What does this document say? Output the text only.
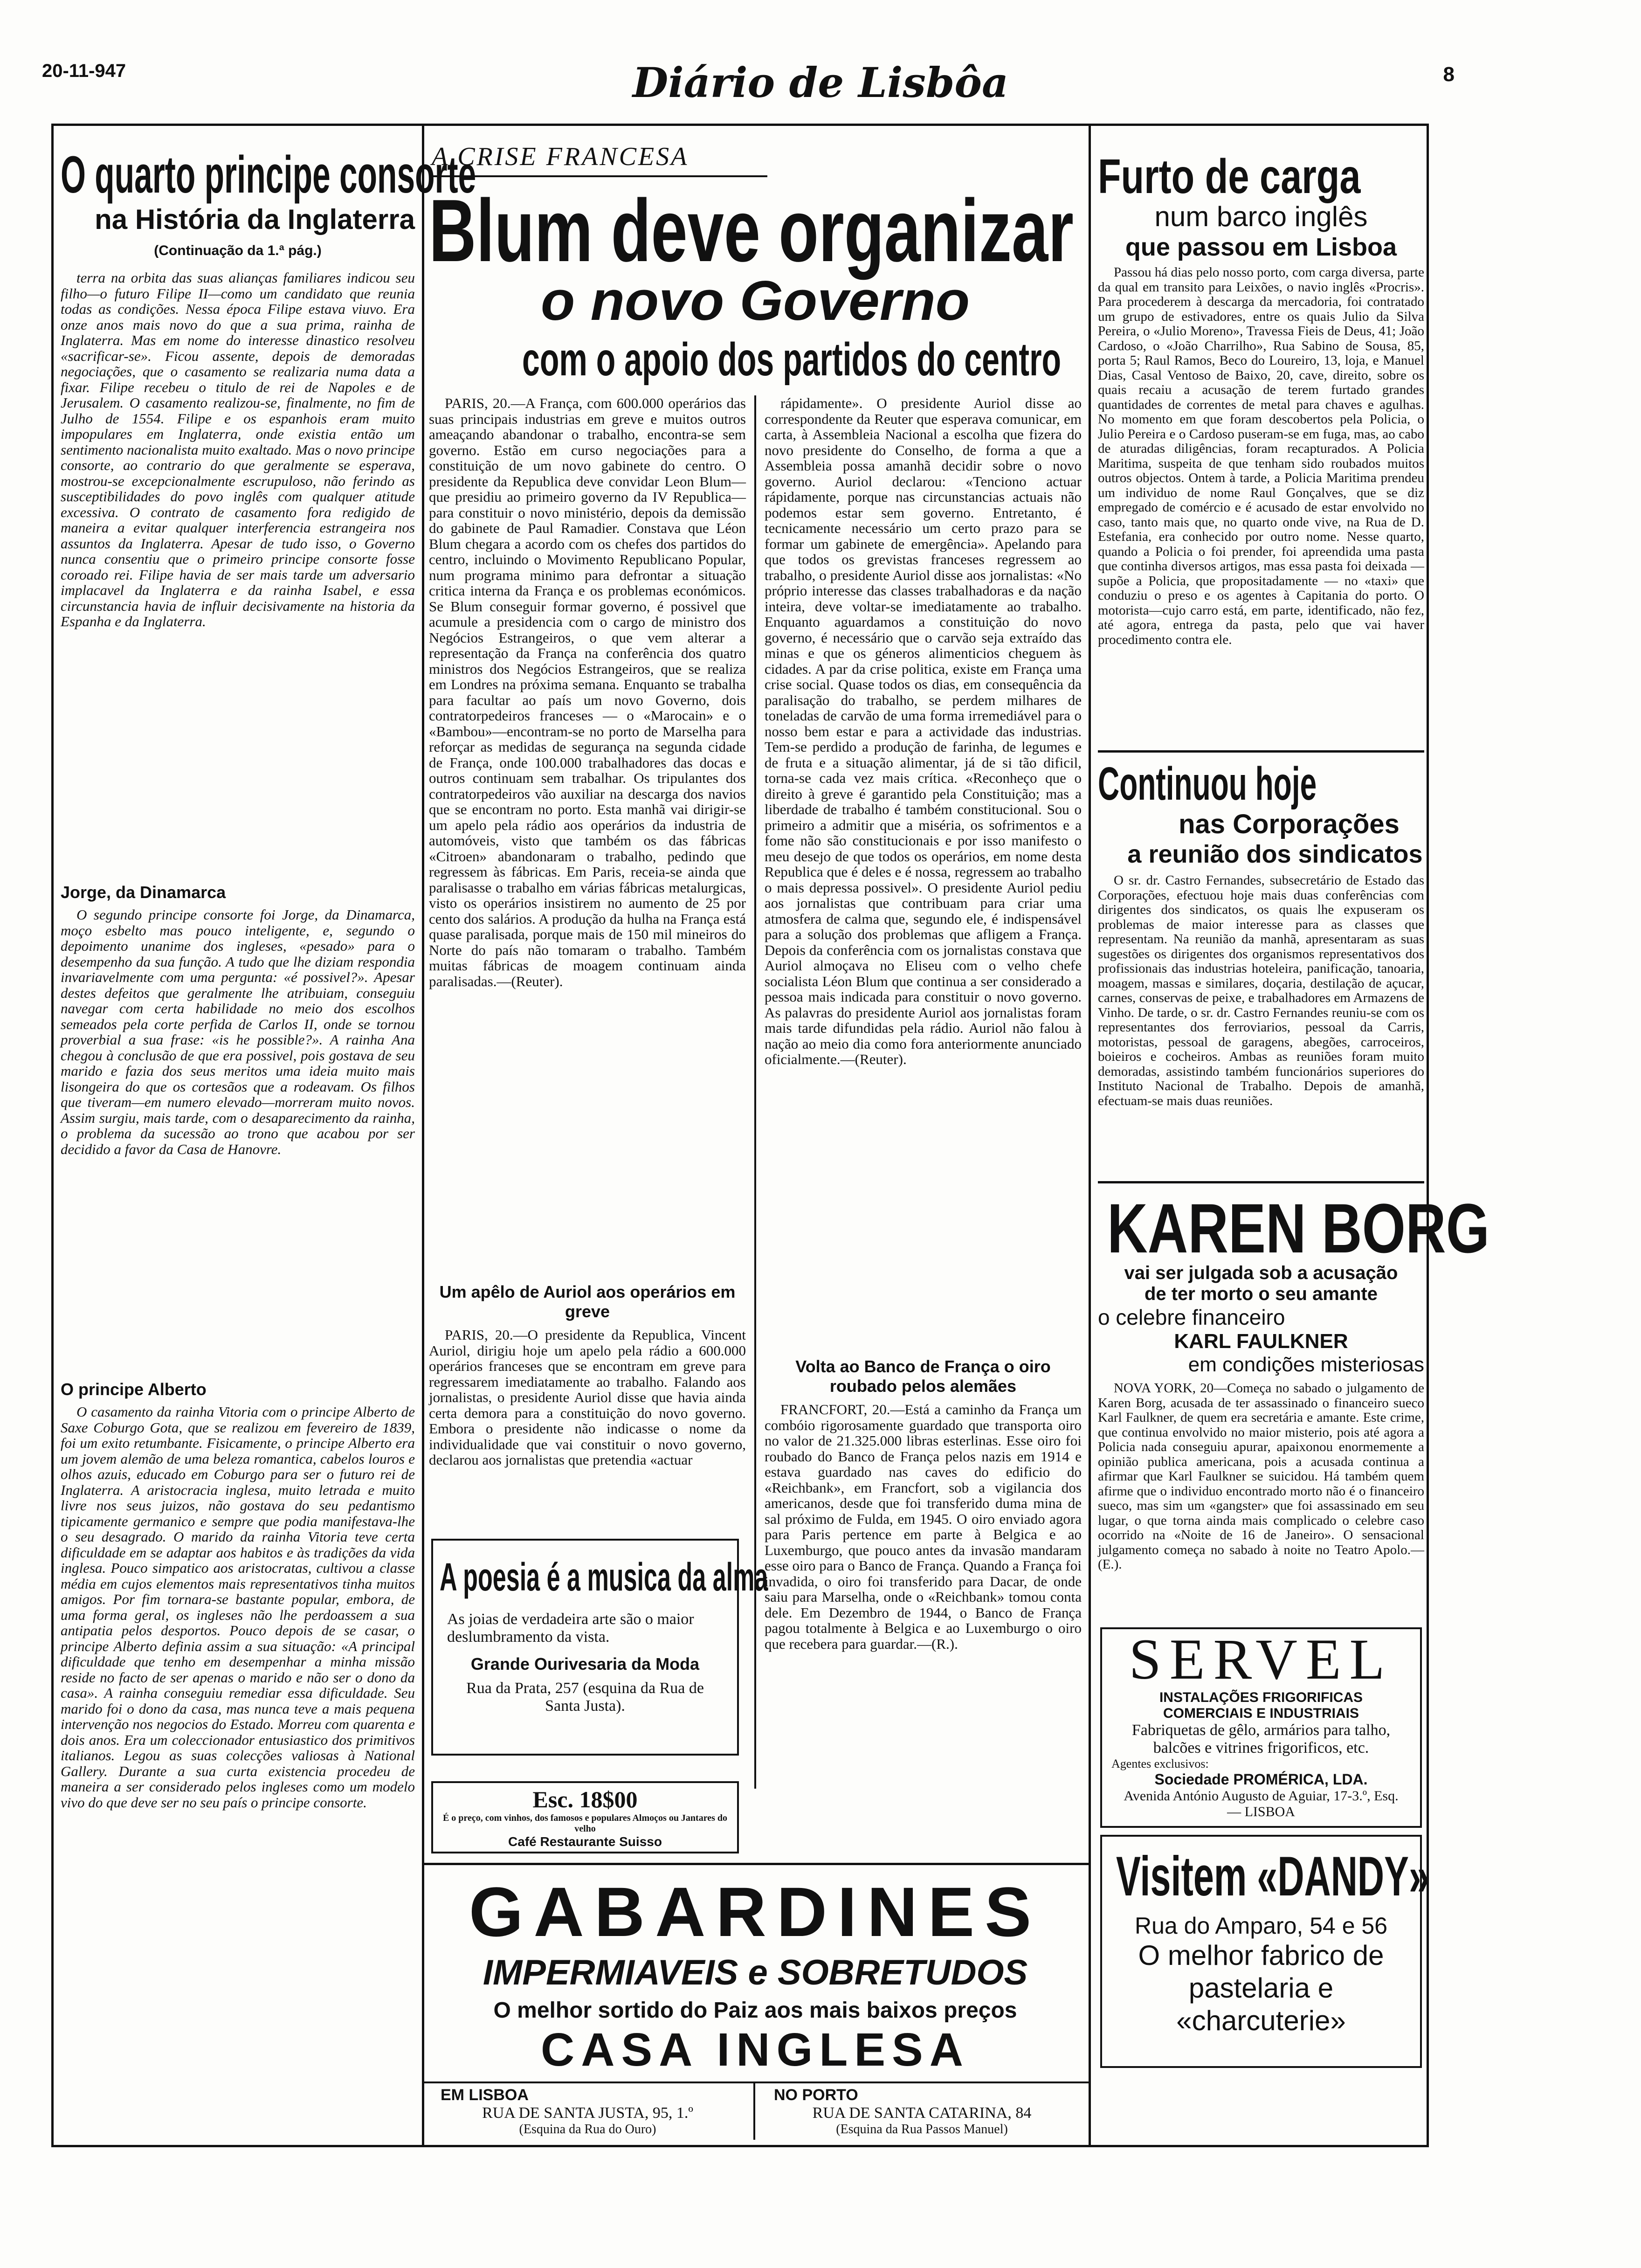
20-11-947	Diário de Lisbôa	8
O quarto principe consorte
na História da Inglaterra
(Continuação da 1.ª pág.)

terra na orbita das suas alianças familiares indicou seu filho—o futuro Filipe II—como um candidato que reunia todas as condições. Nessa época Filipe estava viuvo. Era onze anos mais novo do que a sua prima, rainha de Inglaterra. Mas em nome do interesse dinastico resolveu «sacrificar-se». Ficou assente, depois de demoradas negociações, que o casamento se realizaria numa data a fixar. Filipe recebeu o titulo de rei de Napoles e de Jerusalem. O casamento realizou-se, finalmente, no fim de Julho de 1554. Filipe e os espanhois eram muito impopulares em Inglaterra, onde existia então um sentimento nacionalista muito exaltado. Mas o novo principe consorte, ao contrario do que geralmente se esperava, mostrou-se excepcionalmente escrupuloso, não ferindo as susceptibilidades do povo inglês com qualquer atitude excessiva. O contrato de casamento fora redigido de maneira a evitar qualquer interferencia estrangeira nos assuntos da Inglaterra. Apesar de tudo isso, o Governo nunca consentiu que o primeiro principe consorte fosse coroado rei. Filipe havia de ser mais tarde um adversario implacavel da Inglaterra e da rainha Isabel, e essa circunstancia havia de influir decisivamente na historia da Espanha e da Inglaterra.

Jorge, da Dinamarca

O segundo principe consorte foi Jorge, da Dinamarca, moço esbelto mas pouco inteligente, e, segundo o depoimento unanime dos ingleses, «pesado» para o desempenho da sua função. A tudo que lhe diziam respondia invariavelmente com uma pergunta: «é possivel?». Apesar destes defeitos que geralmente lhe atribuiam, conseguiu navegar com certa habilidade no meio dos escolhos semeados pela corte perfida de Carlos II, onde se tornou proverbial a sua frase: «is he possible?». A rainha Ana chegou à conclusão de que era possivel, pois gostava de seu marido e fazia dos seus meritos uma ideia muito mais lisongeira do que os cortesãos que a rodeavam. Os filhos que tiveram—em numero elevado—morreram muito novos. Assim surgiu, mais tarde, com o desaparecimento da rainha, o problema da sucessão ao trono que acabou por ser decidido a favor da Casa de Hanovre.

O principe Alberto

O casamento da rainha Vitoria com o principe Alberto de Saxe Coburgo Gota, que se realizou em fevereiro de 1839, foi um exito retumbante. Fisicamente, o principe Alberto era um jovem alemão de uma beleza romantica, cabelos louros e olhos azuis, educado em Coburgo para ser o futuro rei de Inglaterra. A aristocracia inglesa, muito letrada e muito livre nos seus juizos, não gostava do seu pedantismo tipicamente germanico e sempre que podia manifestava-lhe o seu desagrado. O marido da rainha Vitoria teve certa dificuldade em se adaptar aos habitos e às tradições da vida inglesa. Pouco simpatico aos aristocratas, cultivou a classe média em cujos elementos mais representativos tinha muitos amigos. Por fim tornara-se bastante popular, embora, de uma forma geral, os ingleses não lhe perdoassem a sua antipatia pelos desportos. Pouco depois de se casar, o principe Alberto definia assim a sua situação: «A principal dificuldade que tenho em desempenhar a minha missão reside no facto de ser apenas o marido e não ser o dono da casa». A rainha conseguiu remediar essa dificuldade. Seu marido foi o dono da casa, mas nunca teve a mais pequena intervenção nos negocios do Estado. Morreu com quarenta e dois anos. Era um coleccionador entusiastico dos primitivos italianos. Legou as suas colecções valiosas à National Gallery. Durante a sua curta existencia procedeu de maneira a ser considerado pelos ingleses como um modelo vivo do que deve ser no seu país o principe consorte.

A CRISE FRANCESA
Blum deve organizar
o novo Governo
com o apoio dos partidos do centro

PARIS, 20.—A França, com 600.000 operários das suas principais industrias em greve e muitos outros ameaçando abandonar o trabalho, encontra-se sem governo. Estão em curso negociações para a constituição de um novo gabinete do centro. O presidente da Republica deve convidar Leon Blum—que presidiu ao primeiro governo da IV Republica—para constituir o novo ministério, depois da demissão do gabinete de Paul Ramadier. Constava que Léon Blum chegara a acordo com os chefes dos partidos do centro, incluindo o Movimento Republicano Popular, num programa minimo para defrontar a situação critica interna da França e os problemas económicos. Se Blum conseguir formar governo, é possivel que acumule a presidencia com o cargo de ministro dos Negócios Estrangeiros, o que vem alterar a representação da França na conferência dos quatro ministros dos Negócios Estrangeiros, que se realiza em Londres na próxima semana. Enquanto se trabalha para facultar ao país um novo Governo, dois contratorpedeiros franceses — o «Marocain» e o «Bambou»—encontram-se no porto de Marselha para reforçar as medidas de segurança na segunda cidade de França, onde 100.000 trabalhadores das docas e outros continuam sem trabalhar. Os tripulantes dos contratorpedeiros vão auxiliar na descarga dos navios que se encontram no porto. Esta manhã vai dirigir-se um apelo pela rádio aos operários da industria de automóveis, visto que também os das fábricas «Citroen» abandonaram o trabalho, pedindo que regressem às fábricas. Em Paris, receia-se ainda que paralisasse o trabalho em várias fábricas metalurgicas, visto os operários insistirem no aumento de 25 por cento dos salários. A produção da hulha na França está quase paralisada, porque mais de 150 mil mineiros do Norte do país não tomaram o trabalho. Também muitas fábricas de moagem continuam ainda paralisadas.—(Reuter).

Um apêlo de Auriol aos operários em greve

PARIS, 20.—O presidente da Republica, Vincent Auriol, dirigiu hoje um apelo pela rádio a 600.000 operários franceses que se encontram em greve para regressarem imediatamente ao trabalho. Falando aos jornalistas, o presidente Auriol disse que havia ainda certa demora para a constituição do novo governo. Embora o presidente não indicasse o nome da individualidade que vai constituir o novo governo, declarou aos jornalistas que pretendia «actuar

rápidamente». O presidente Auriol disse ao correspondente da Reuter que esperava comunicar, em carta, à Assembleia Nacional a escolha que fizera do novo presidente do Conselho, de forma a que a Assembleia possa amanhã decidir sobre o novo governo. Auriol declarou: «Tenciono actuar rápidamente, porque nas circunstancias actuais não podemos estar sem governo. Entretanto, é tecnicamente necessário um certo prazo para se formar um gabinete de emergência». Apelando para que todos os grevistas franceses regressem ao trabalho, o presidente Auriol disse aos jornalistas: «No próprio interesse das classes trabalhadoras e da nação inteira, deve voltar-se imediatamente ao trabalho. Enquanto aguardamos a constituição do novo governo, é necessário que o carvão seja extraído das minas e que os géneros alimenticios cheguem às cidades. A par da crise politica, existe em França uma crise social. Quase todos os dias, em consequência da paralisação do trabalho, se perdem milhares de toneladas de carvão de uma forma irremediável para o nosso bem estar e para a actividade das industrias. Tem-se perdido a produção de farinha, de legumes e de fruta e a situação alimentar, já de si tão dificil, torna-se cada vez mais crítica. «Reconheço que o direito à greve é garantido pela Constituição; mas a liberdade de trabalho é também constitucional. Sou o primeiro a admitir que a miséria, os sofrimentos e a fome não são constitucionais e por isso manifesto o meu desejo de que todos os operários, em nome desta Republica que é deles e é nossa, regressem ao trabalho o mais depressa possivel». O presidente Auriol pediu aos jornalistas que contribuam para criar uma atmosfera de calma que, segundo ele, é indispensável para a solução dos problemas que afligem a França. Depois da conferência com os jornalistas constava que Auriol almoçava no Eliseu com o velho chefe socialista Léon Blum que continua a ser considerado a pessoa mais indicada para constituir o novo governo. As palavras do presidente Auriol aos jornalistas foram mais tarde difundidas pela rádio. Auriol não falou à nação ao meio dia como fora anteriormente anunciado oficialmente.—(Reuter).

Volta ao Banco de França o oiro roubado pelos alemães

FRANCFORT, 20.—Está a caminho da França um combóio rigorosamente guardado que transporta oiro no valor de 21.325.000 libras esterlinas. Esse oiro foi roubado do Banco de França pelos nazis em 1914 e estava guardado nas caves do edificio do «Reichbank», em Francfort, sob a vigilancia dos americanos, desde que foi transferido duma mina de sal próximo de Fulda, em 1945. O oiro enviado agora para Paris pertence em parte à Belgica e ao Luxemburgo, que pouco antes da invasão mandaram esse oiro para o Banco de França. Quando a França foi invadida, o oiro foi transferido para Dacar, de onde saiu para Marselha, onde o «Reichbank» tomou conta dele. Em Dezembro de 1944, o Banco de França pagou totalmente à Belgica e ao Luxemburgo o oiro que recebera para guardar.—(R.).

A poesia é a musica da alma
As joias de verdadeira arte são o maior deslumbramento da vista.
Grande Ourivesaria da Moda
Rua da Prata, 257 (esquina da Rua de Santa Justa).
Esc. 18$00
É o preço, com vinhos, dos famosos e populares Almoços ou Jantares do velho
Café Restaurante Suisso
GABARDINES
IMPERMIAVEIS e SOBRETUDOS
O melhor sortido do Paiz aos mais baixos preços
CASA INGLESA
EM LISBOA
RUA DE SANTA JUSTA, 95, 1.º
(Esquina da Rua do Ouro)
NO PORTO
RUA DE SANTA CATARINA, 84
(Esquina da Rua Passos Manuel)
Furto de carga
num barco inglês
que passou em Lisboa

Passou há dias pelo nosso porto, com carga diversa, parte da qual em transito para Leixões, o navio inglês «Procris». Para procederem à descarga da mercadoria, foi contratado um grupo de estivadores, entre os quais Julio da Silva Pereira, o «Julio Moreno», Travessa Fieis de Deus, 41; João Cardoso, o «João Charrilho», Rua Sabino de Sousa, 85, porta 5; Raul Ramos, Beco do Loureiro, 13, loja, e Manuel Dias, Casal Ventoso de Baixo, 20, cave, direito, sobre os quais recaiu a acusação de terem furtado grandes quantidades de correntes de metal para chaves e agulhas. No momento em que foram descobertos pela Policia, o Julio Pereira e o Cardoso puseram-se em fuga, mas, ao cabo de aturadas diligências, foram recapturados. A Policia Maritima, suspeita de que tenham sido roubados muitos outros objectos. Ontem à tarde, a Policia Maritima prendeu um individuo de nome Raul Gonçalves, que se diz empregado de comércio e é acusado de estar envolvido no caso, tanto mais que, no quarto onde vive, na Rua de D. Estefania, era conhecido por outro nome. Nesse quarto, quando a Policia o foi prender, foi apreendida uma pasta que continha diversos artigos, mas essa pasta foi deixada — supõe a Policia, que propositadamente — no «taxi» que conduziu o preso e os agentes à Capitania do porto. O motorista—cujo carro está, em parte, identificado, não fez, até agora, entrega da pasta, pelo que vai haver procedimento contra ele.

Continuou hoje
nas Corporações
a reunião dos sindicatos

O sr. dr. Castro Fernandes, subsecretário de Estado das Corporações, efectuou hoje mais duas conferências com dirigentes dos sindicatos, os quais lhe expuseram os problemas de maior interesse para as classes que representam. Na reunião da manhã, apresentaram as suas sugestões os dirigentes dos organismos representativos dos profissionais das industrias hoteleira, panificação, tanoaria, moagem, massas e similares, doçaria, destilação de açucar, carnes, conservas de peixe, e trabalhadores em Armazens de Vinho. De tarde, o sr. dr. Castro Fernandes reuniu-se com os representantes dos ferroviarios, pessoal da Carris, motoristas, pessoal de garagens, abegões, carroceiros, boieiros e cocheiros. Ambas as reuniões foram muito demoradas, assistindo também funcionários superiores do Instituto Nacional de Trabalho. Depois de amanhã, efectuam-se mais duas reuniões.

KAREN BORG
vai ser julgada sob a acusação
de ter morto o seu amante
o celebre financeiro
KARL FAULKNER
em condições misteriosas

NOVA YORK, 20—Começa no sabado o julgamento de Karen Borg, acusada de ter assassinado o financeiro sueco Karl Faulkner, de quem era secretária e amante. Este crime, que continua envolvido no maior misterio, pois até agora a Policia nada conseguiu apurar, apaixonou enormemente a opinião publica americana, pois a acusada continua a afirmar que Karl Faulkner se suicidou. Há também quem afirme que o individuo encontrado morto não é o financeiro sueco, mas sim um «gangster» que foi assassinado em seu lugar, o que torna ainda mais complicado o celebre caso ocorrido na «Noite de 16 de Janeiro». O sensacional julgamento começa no sabado à noite no Teatro Apolo.—(E.).

SERVEL
INSTALAÇÕES FRIGORIFICAS
COMERCIAIS E INDUSTRIAIS
Fabriquetas de gêlo, armários para talho, balcões e vitrines frigorificos, etc.
Agentes exclusivos:
Sociedade PROMÉRICA, LDA.
Avenida António Augusto de Aguiar, 17-3.º, Esq. — LISBOA
Visitem «DANDY»
Rua do Amparo, 54 e 56
O melhor fabrico de pastelaria e «charcuterie»
